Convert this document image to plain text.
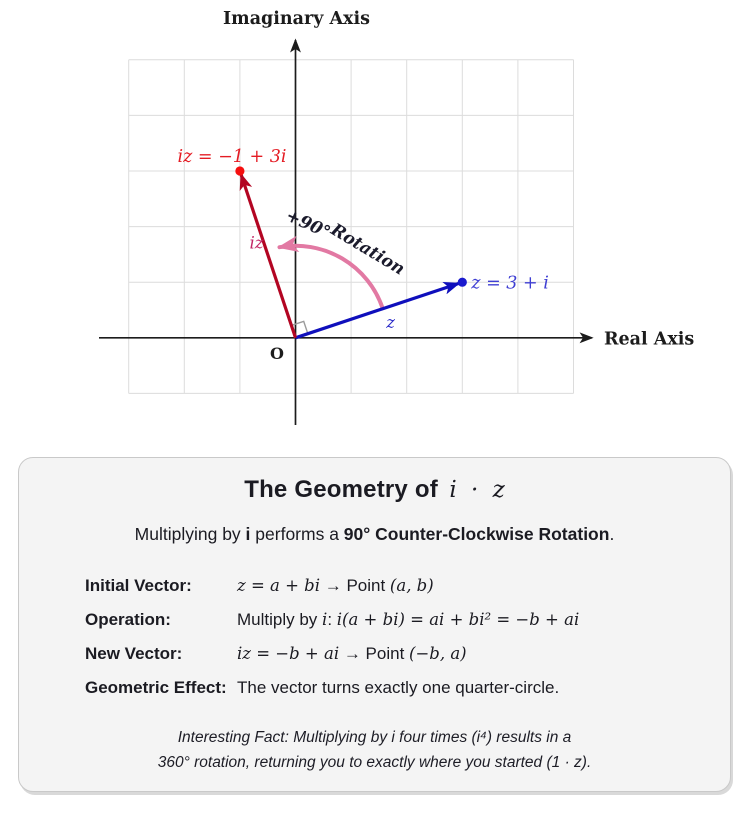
Imaginary Axis
Real Axis
O
+90°
Rotation
z = 3 + i
z
iz = −1 + 3i
iz
The Geometry of i · z
Multiplying by i performs a 90° Counter-Clockwise Rotation.
Initial Vector:	z = a + bi → Point (a, b)
Operation:	Multiply by i: i(a + bi) = ai + bi² = −b + ai
New Vector:	iz = −b + ai → Point (−b, a)
Geometric Effect: The vector turns exactly one quarter-circle.
Interesting Fact: Multiplying by i four times (i⁴) results in a
360° rotation, returning you to exactly where you started (1 · z).
